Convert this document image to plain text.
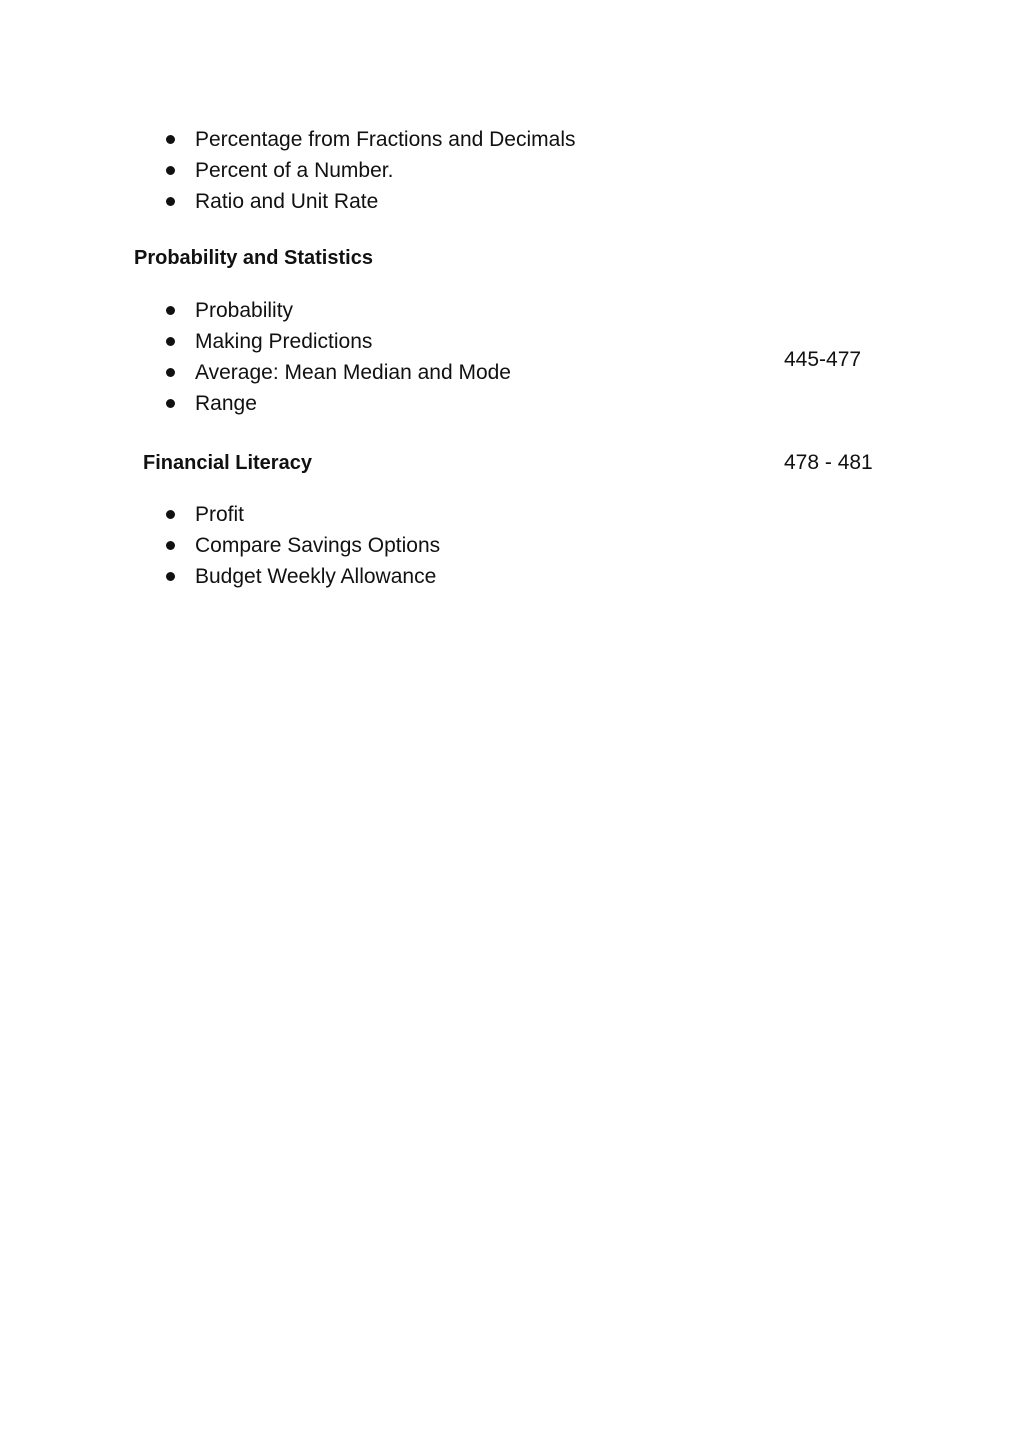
Percentage from Fractions and Decimals
Percent of a Number.
Ratio and Unit Rate
Probability and Statistics
Probability
Making Predictions
Average: Mean Median and Mode
Range
445-477
Financial Literacy	478 - 481
Profit
Compare Savings Options
Budget Weekly Allowance
